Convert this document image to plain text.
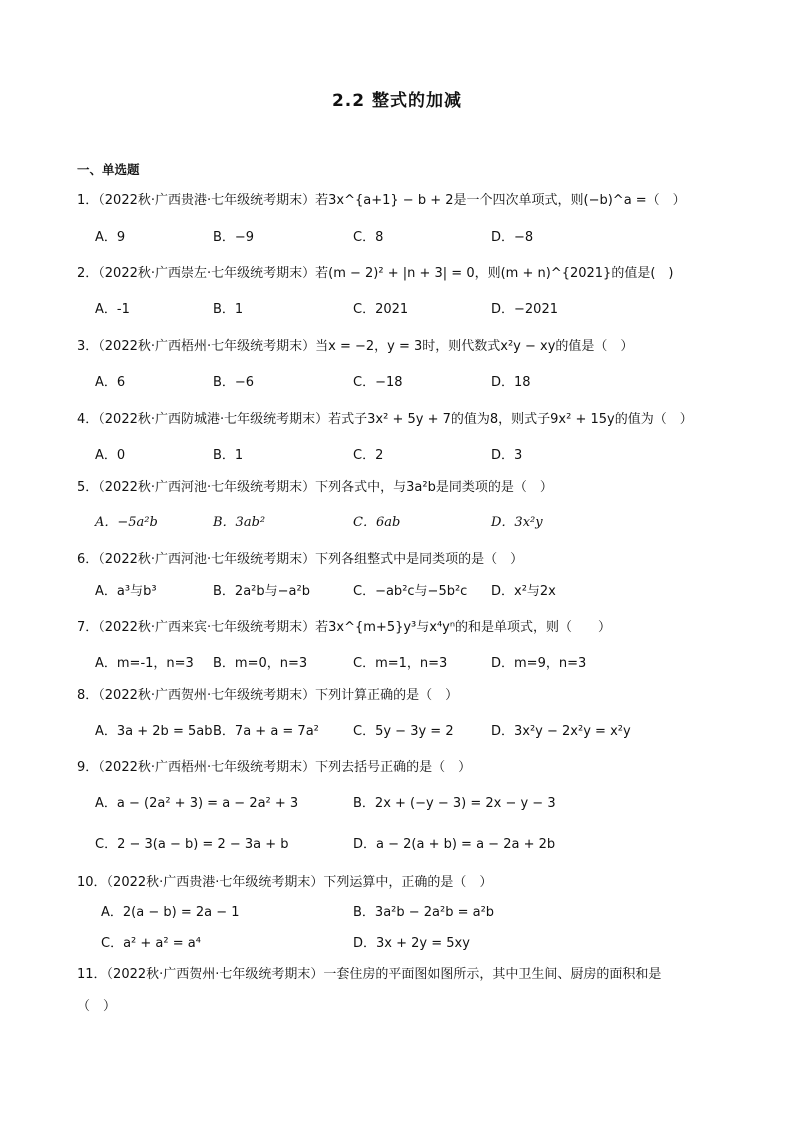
2.2 整式的加减
一、单选题
1．（2022秋·广西贵港·七年级统考期末）若3x^{a+1} − b + 2是一个四次单项式，则(−b)^a =（　）
A．9	B．−9	C．8	D．−8
2．（2022秋·广西崇左·七年级统考期末）若(m − 2)² + |n + 3| = 0，则(m + n)^{2021}的值是(　)
A．-1	B．1	C．2021	D．−2021
3．（2022秋·广西梧州·七年级统考期末）当x = −2，y = 3时，则代数式x²y − xy的值是（　）
A．6	B．−6	C．−18	D．18
4．（2022秋·广西防城港·七年级统考期末）若式子3x² + 5y + 7的值为8，则式子9x² + 15y的值为（　）
A．0	B．1	C．2	D．3
5．（2022秋·广西河池·七年级统考期末）下列各式中，与3a²b是同类项的是（　）
A．−5a²b	B．3ab²	C．6ab	D．3x²y
6．（2022秋·广西河池·七年级统考期末）下列各组整式中是同类项的是（　）
A．a³与b³	B．2a²b与−a²b	C．−ab²c与−5b²c D．x²与2x
7．（2022秋·广西来宾·七年级统考期末）若3x^{m+5}y³与x⁴yⁿ的和是单项式，则（　　）
A．m=-1，n=3 B．m=0，n=3	C．m=1，n=3	D．m=9，n=3
8．（2022秋·广西贺州·七年级统考期末）下列计算正确的是（　）
A．3a + 2b = 5ab B．7a + a = 7a²	C．5y − 3y = 2	D．3x²y − 2x²y = x²y
9．（2022秋·广西梧州·七年级统考期末）下列去括号正确的是（　）
A．a − (2a² + 3) = a − 2a² + 3	B．2x + (−y − 3) = 2x − y − 3
C．2 − 3(a − b) = 2 − 3a + b	D．a − 2(a + b) = a − 2a + 2b
10．（2022秋·广西贵港·七年级统考期末）下列运算中，正确的是（　）
A．2(a − b) = 2a − 1	B．3a²b − 2a²b = a²b
C．a² + a² = a⁴	D．3x + 2y = 5xy
11．（2022秋·广西贺州·七年级统考期末）一套住房的平面图如图所示，其中卫生间、厨房的面积和是
（　）
